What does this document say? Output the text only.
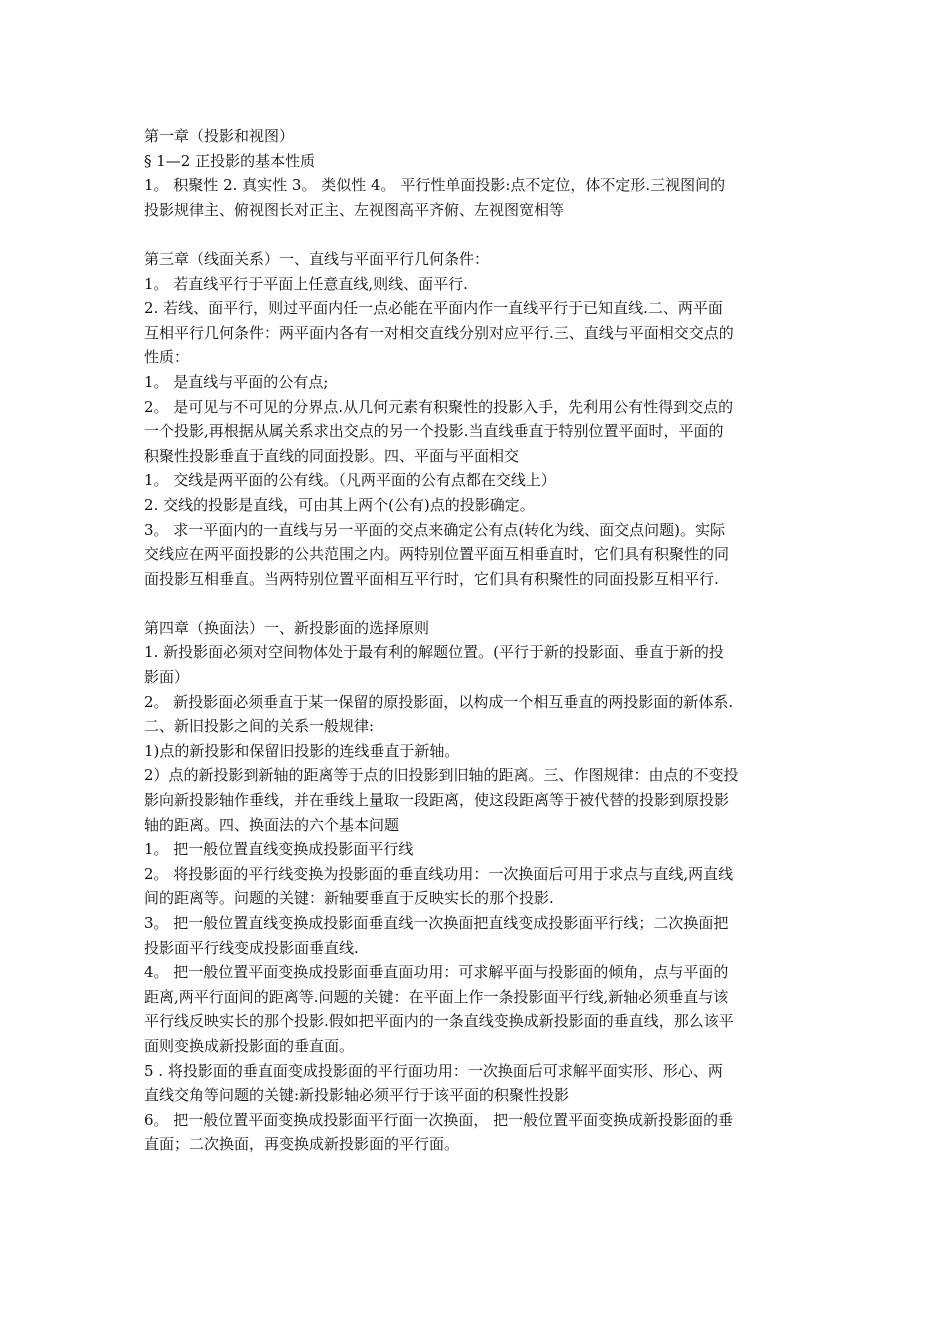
第一章（投影和视图）
§ 1—2 正投影的基本性质
1。 积聚性 2. 真实性 3。 类似性 4。 平行性单面投影:点不定位，体不定形.三视图间的
投影规律主、俯视图长对正主、左视图高平齐俯、左视图宽相等
第三章（线面关系）一、直线与平面平行几何条件：
1。 若直线平行于平面上任意直线,则线、面平行.
2. 若线、面平行，则过平面内任一点必能在平面内作一直线平行于已知直线.二、两平面
互相平行几何条件：两平面内各有一对相交直线分别对应平行.三、直线与平面相交交点的
性质：
1。 是直线与平面的公有点;
2。 是可见与不可见的分界点.从几何元素有积聚性的投影入手，先利用公有性得到交点的
一个投影,再根据从属关系求出交点的另一个投影.当直线垂直于特别位置平面时，平面的
积聚性投影垂直于直线的同面投影。四、平面与平面相交
1。 交线是两平面的公有线。（凡两平面的公有点都在交线上）
2. 交线的投影是直线，可由其上两个(公有)点的投影确定。
3。 求一平面内的一直线与另一平面的交点来确定公有点(转化为线、面交点问题)。实际
交线应在两平面投影的公共范围之内。两特别位置平面互相垂直时，它们具有积聚性的同
面投影互相垂直。当两特别位置平面相互平行时，它们具有积聚性的同面投影互相平行.
第四章（换面法）一、新投影面的选择原则
1. 新投影面必须对空间物体处于最有利的解题位置。(平行于新的投影面、垂直于新的投
影面）
2。 新投影面必须垂直于某一保留的原投影面，以构成一个相互垂直的两投影面的新体系.
二、新旧投影之间的关系一般规律:
1)点的新投影和保留旧投影的连线垂直于新轴。
2）点的新投影到新轴的距离等于点的旧投影到旧轴的距离。三、作图规律：由点的不变投
影向新投影轴作垂线，并在垂线上量取一段距离，使这段距离等于被代替的投影到原投影
轴的距离。四、换面法的六个基本问题
1。 把一般位置直线变换成投影面平行线
2。 将投影面的平行线变换为投影面的垂直线功用：一次换面后可用于求点与直线,两直线
间的距离等。问题的关键：新轴要垂直于反映实长的那个投影.
3。 把一般位置直线变换成投影面垂直线一次换面把直线变成投影面平行线；二次换面把
投影面平行线变成投影面垂直线.
4。 把一般位置平面变换成投影面垂直面功用：可求解平面与投影面的倾角，点与平面的
距离,两平行面间的距离等.问题的关键：在平面上作一条投影面平行线,新轴必须垂直与该
平行线反映实长的那个投影.假如把平面内的一条直线变换成新投影面的垂直线，那么该平
面则变换成新投影面的垂直面。
5 . 将投影面的垂直面变成投影面的平行面功用：一次换面后可求解平面实形、形心、两
直线交角等问题的关键:新投影轴必须平行于该平面的积聚性投影
6。 把一般位置平面变换成投影面平行面一次换面， 把一般位置平面变换成新投影面的垂
直面；二次换面，再变换成新投影面的平行面。
